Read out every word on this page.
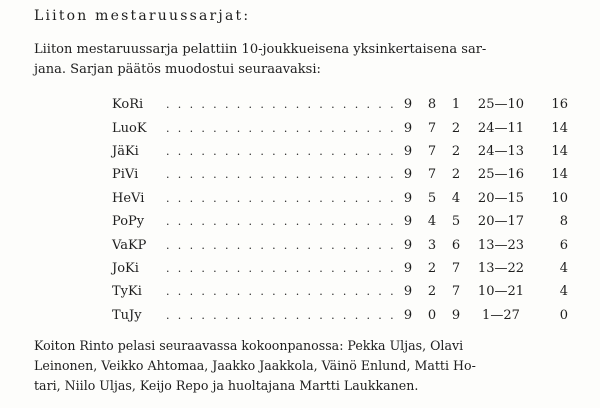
Liiton mestaruussarjat:

Liiton mestaruussarja pelattiin 10-joukkueisena yksinkertaisena sar-

jana. Sarjan päätös muodostui seuraavaksi:

KoRi	. . . . . . . . . . . . . . . . . . . .	9	8	1	25—10	16
LuoK	. . . . . . . . . . . . . . . . . . . .	9	7	2	24—11	14
JäKi	. . . . . . . . . . . . . . . . . . . .	9	7	2	24—13	14
PiVi	. . . . . . . . . . . . . . . . . . . .	9	7	2	25—16	14
HeVi	. . . . . . . . . . . . . . . . . . . .	9	5	4	20—15	10
PoPy	. . . . . . . . . . . . . . . . . . . .	9	4	5	20—17	8
VaKP	. . . . . . . . . . . . . . . . . . . .	9	3	6	13—23	6
JoKi	. . . . . . . . . . . . . . . . . . . .	9	2	7	13—22	4
TyKi	. . . . . . . . . . . . . . . . . . . .	9	2	7	10—21	4
TuJy	. . . . . . . . . . . . . . . . . . . .	9	0	9	1—27	0

Koiton Rinto pelasi seuraavassa kokoonpanossa: Pekka Uljas, Olavi

Leinonen, Veikko Ahtomaa, Jaakko Jaakkola, Väinö Enlund, Matti Ho-

tari, Niilo Uljas, Keijo Repo ja huoltajana Martti Laukkanen.
